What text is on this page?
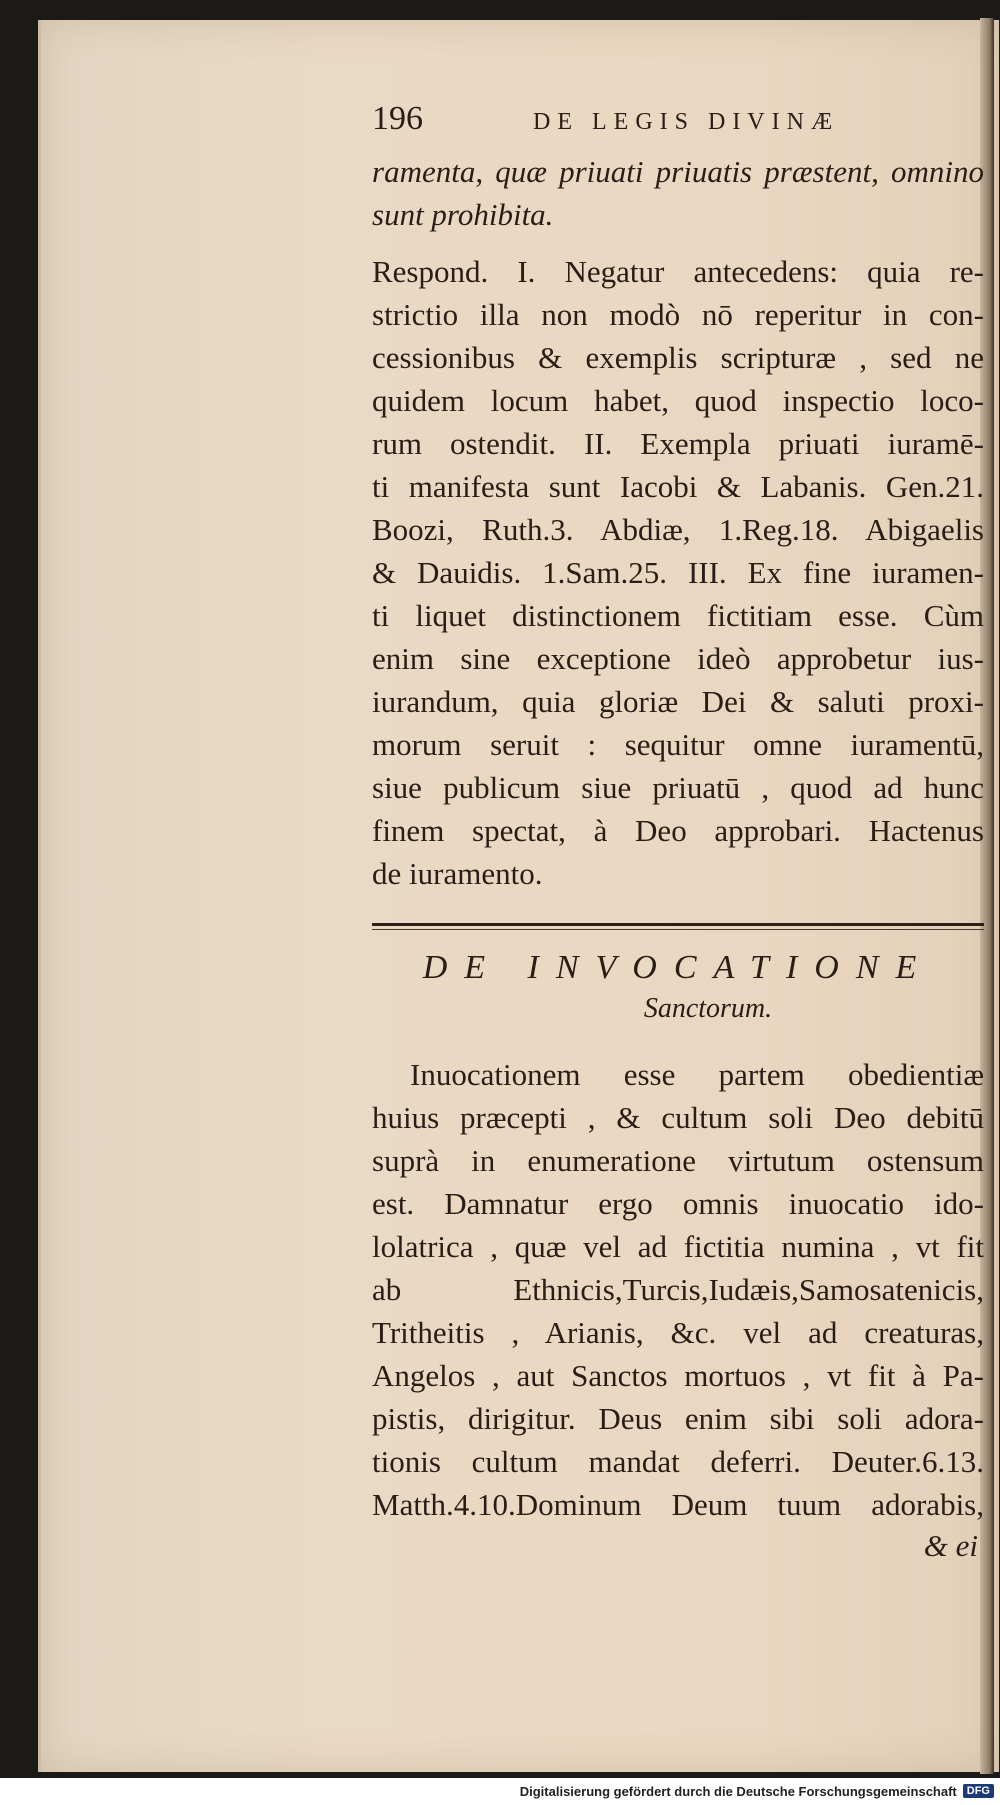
196	DE LEGIS DIVINÆ
ramenta, quæ priuati priuatis præstent, omnino
sunt prohibita.
Respond. I. Negatur antecedens: quia re-
strictio illa non modò nō reperitur in con-
cessionibus & exemplis scripturæ , sed ne
quidem locum habet, quod inspectio loco-
rum ostendit. II. Exempla priuati iuramē-
ti manifesta sunt Iacobi & Labanis. Gen.21.
Boozi, Ruth.3. Abdiæ, 1.Reg.18. Abigaelis
& Dauidis. 1.Sam.25. III. Ex fine iuramen-
ti liquet distinctionem fictitiam esse. Cùm
enim sine exceptione ideò approbetur ius-
iurandum, quia gloriæ Dei & saluti proxi-
morum seruit : sequitur omne iuramentū,
siue publicum siue priuatū , quod ad hunc
finem spectat, à Deo approbari. Hactenus
de iuramento.
DE INVOCATIONE
Sanctorum.
Inuocationem esse partem obedientiæ
huius præcepti , & cultum soli Deo debitū
suprà in enumeratione virtutum ostensum
est. Damnatur ergo omnis inuocatio ido-
lolatrica , quæ vel ad fictitia numina , vt fit
ab Ethnicis,Turcis,Iudæis,Samosatenicis,
Tritheitis , Arianis, &c. vel ad creaturas,
Angelos , aut Sanctos mortuos , vt fit à Pa-
pistis, dirigitur. Deus enim sibi soli adora-
tionis cultum mandat deferri. Deuter.6.13.
Matth.4.10.Dominum Deum tuum adorabis,
& ei
Digitalisierung gefördert durch die Deutsche Forschungsgemeinschaft DFG
